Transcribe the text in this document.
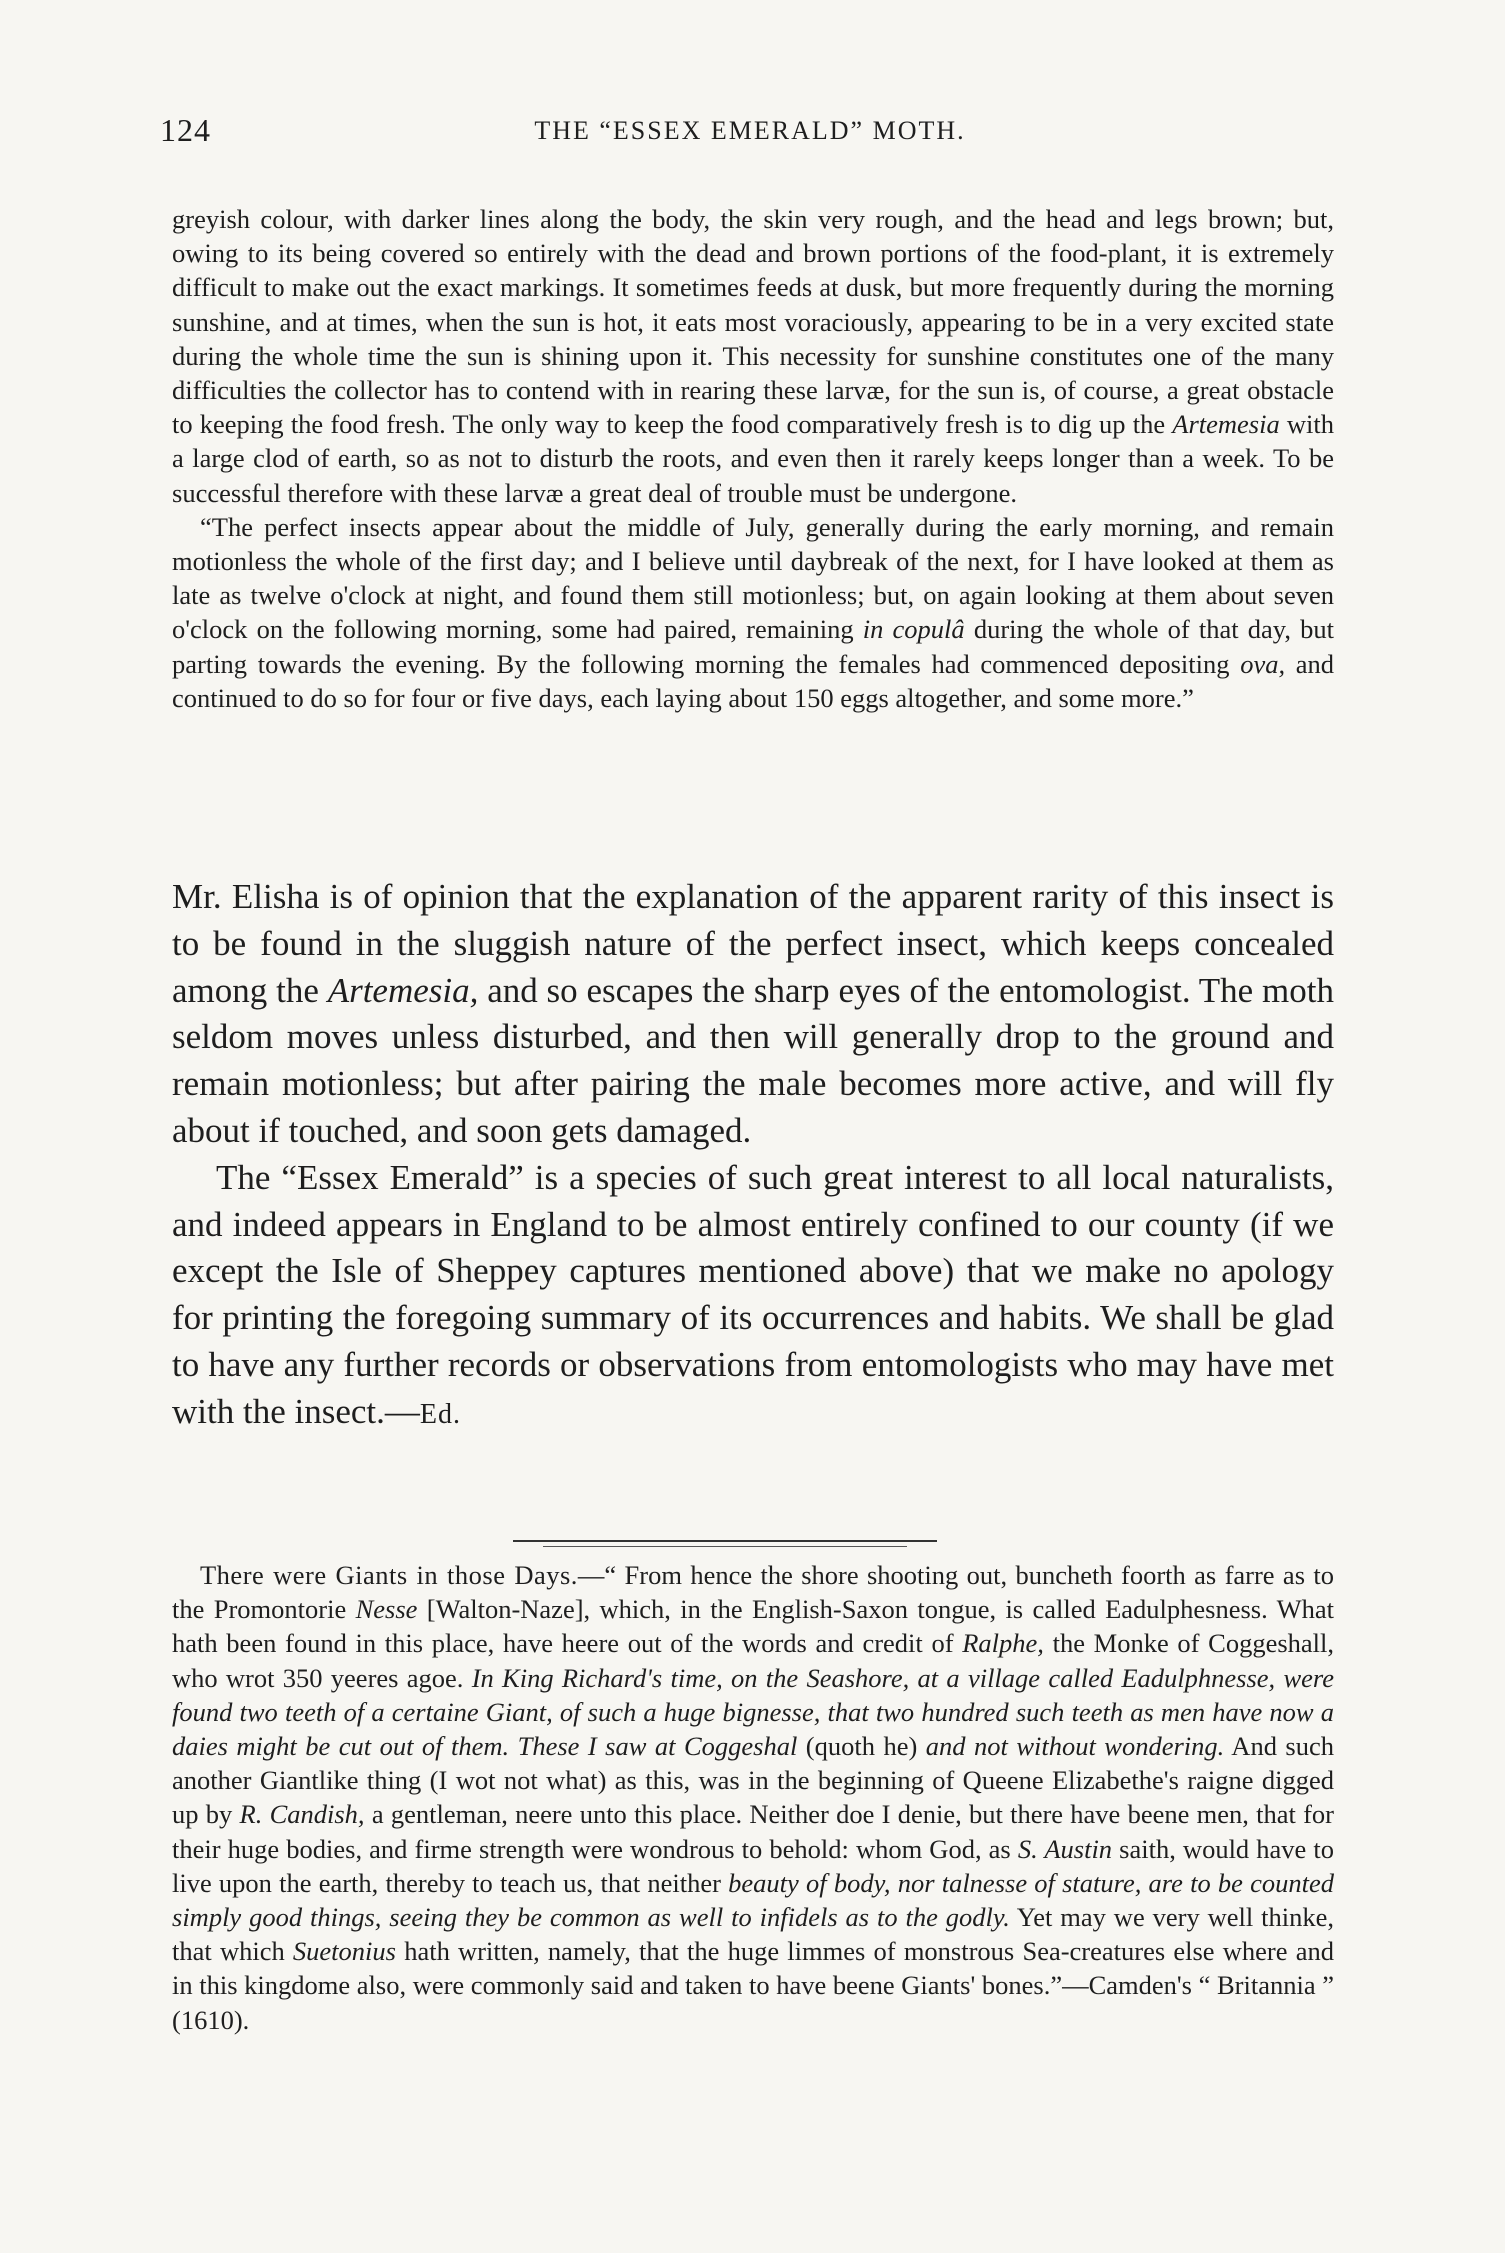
124	THE “ESSEX EMERALD” MOTH.

greyish colour, with darker lines along the body, the skin very rough, and the head and legs brown; but, owing to its being covered so entirely with the dead and brown portions of the food-plant, it is extremely difficult to make out the exact markings. It sometimes feeds at dusk, but more frequently during the morning sunshine, and at times, when the sun is hot, it eats most voraciously, appearing to be in a very excited state during the whole time the sun is shining upon it. This necessity for sunshine constitutes one of the many difficulties the collector has to contend with in rearing these larvæ, for the sun is, of course, a great obstacle to keeping the food fresh. The only way to keep the food comparatively fresh is to dig up the Artemesia with a large clod of earth, so as not to disturb the roots, and even then it rarely keeps longer than a week. To be successful therefore with these larvæ a great deal of trouble must be undergone.

“The perfect insects appear about the middle of July, generally during the early morning, and remain motionless the whole of the first day; and I believe until daybreak of the next, for I have looked at them as late as twelve o'clock at night, and found them still motionless; but, on again looking at them about seven o'clock on the following morning, some had paired, remaining in copulâ during the whole of that day, but parting towards the evening. By the following morning the females had commenced depositing ova, and continued to do so for four or five days, each laying about 150 eggs altogether, and some more.”

Mr. Elisha is of opinion that the explanation of the apparent rarity of this insect is to be found in the sluggish nature of the perfect insect, which keeps concealed among the Artemesia, and so escapes the sharp eyes of the entomologist. The moth seldom moves unless disturbed, and then will generally drop to the ground and remain motionless; but after pairing the male becomes more active, and will fly about if touched, and soon gets damaged.

The “Essex Emerald” is a species of such great interest to all local naturalists, and indeed appears in England to be almost entirely confined to our county (if we except the Isle of Sheppey captures mentioned above) that we make no apology for printing the foregoing summary of its occurrences and habits. We shall be glad to have any further records or observations from entomologists who may have met with the insect.—Ed.

There were Giants in those Days.—“ From hence the shore shooting out, buncheth foorth as farre as to the Promontorie Nesse [Walton-Naze], which, in the English-Saxon tongue, is called Eadulphesness. What hath been found in this place, have heere out of the words and credit of Ralphe, the Monke of Coggeshall, who wrot 350 yeeres agoe. In King Richard's time, on the Seashore, at a village called Eadulphnesse, were found two teeth of a certaine Giant, of such a huge bignesse, that two hundred such teeth as men have now a daies might be cut out of them. These I saw at Coggeshal (quoth he) and not without wondering. And such another Giantlike thing (I wot not what) as this, was in the beginning of Queene Elizabethe's raigne digged up by R. Candish, a gentleman, neere unto this place. Neither doe I denie, but there have beene men, that for their huge bodies, and firme strength were wondrous to behold: whom God, as S. Austin saith, would have to live upon the earth, thereby to teach us, that neither beauty of body, nor talnesse of stature, are to be counted simply good things, seeing they be common as well to infidels as to the godly. Yet may we very well thinke, that which Suetonius hath written, namely, that the huge limmes of monstrous Sea-creatures else where and in this kingdome also, were commonly said and taken to have beene Giants' bones.”—Camden's “ Britannia ” (1610).
